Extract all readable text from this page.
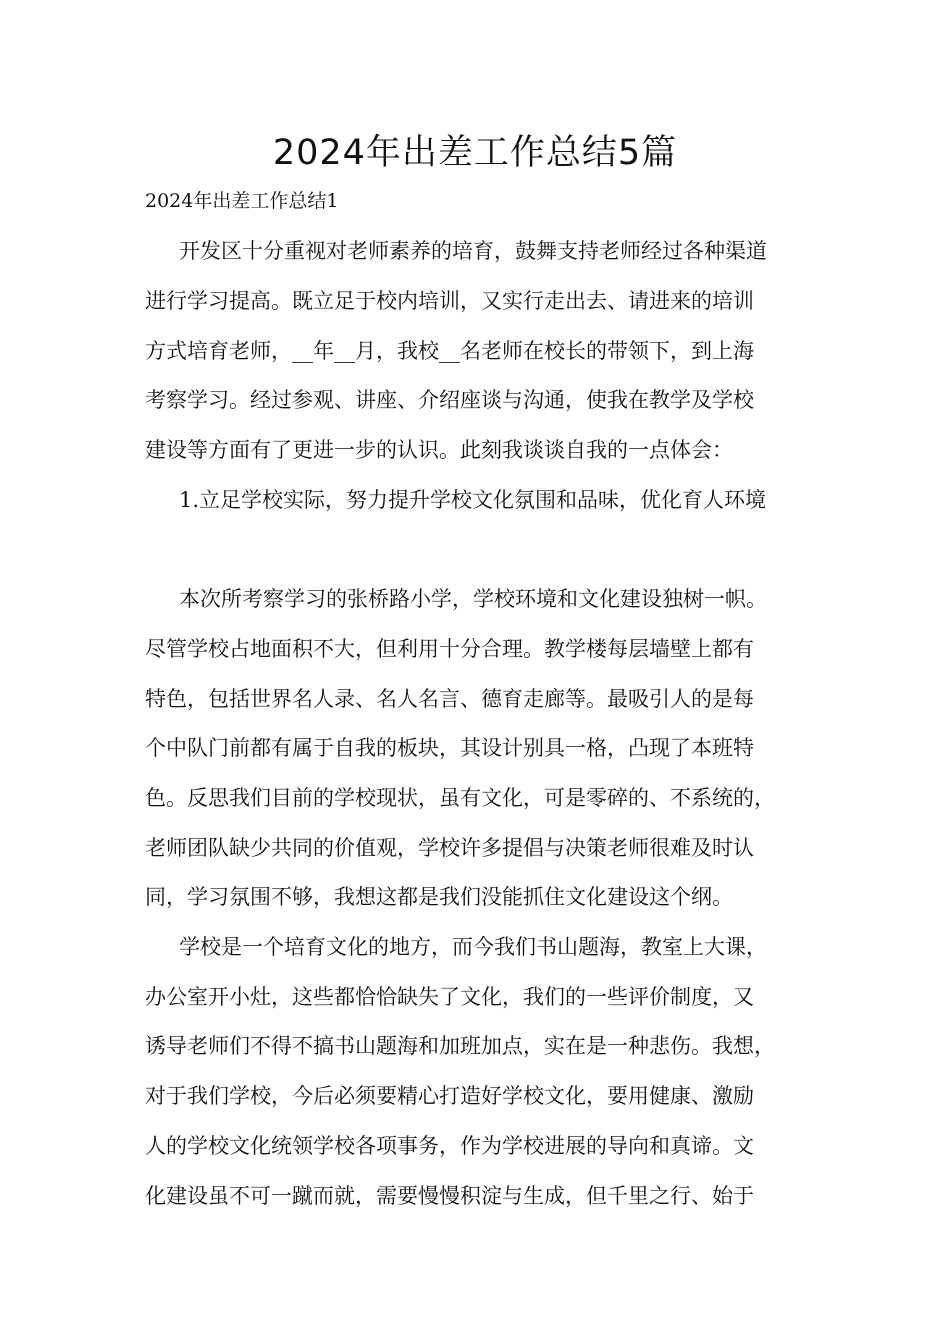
2024年出差工作总结5篇
2024年出差工作总结1

开发区十分重视对老师素养的培育，鼓舞支持老师经过各种渠道

进行学习提高。既立足于校内培训，又实行走出去、请进来的培训

方式培育老师，__年__月，我校__名老师在校长的带领下，到上海

考察学习。经过参观、讲座、介绍座谈与沟通，使我在教学及学校

建设等方面有了更进一步的认识。此刻我谈谈自我的一点体会：

1.立足学校实际，努力提升学校文化氛围和品味，优化育人环境

本次所考察学习的张桥路小学，学校环境和文化建设独树一帜。

尽管学校占地面积不大，但利用十分合理。教学楼每层墙壁上都有

特色，包括世界名人录、名人名言、德育走廊等。最吸引人的是每

个中队门前都有属于自我的板块，其设计别具一格，凸现了本班特

色。反思我们目前的学校现状，虽有文化，可是零碎的、不系统的，

老师团队缺少共同的价值观，学校许多提倡与决策老师很难及时认

同，学习氛围不够，我想这都是我们没能抓住文化建设这个纲。

学校是一个培育文化的地方，而今我们书山题海，教室上大课，

办公室开小灶，这些都恰恰缺失了文化，我们的一些评价制度，又

诱导老师们不得不搞书山题海和加班加点，实在是一种悲伤。我想，

对于我们学校，今后必须要精心打造好学校文化，要用健康、激励

人的学校文化统领学校各项事务，作为学校进展的导向和真谛。文

化建设虽不可一蹴而就，需要慢慢积淀与生成，但千里之行、始于
